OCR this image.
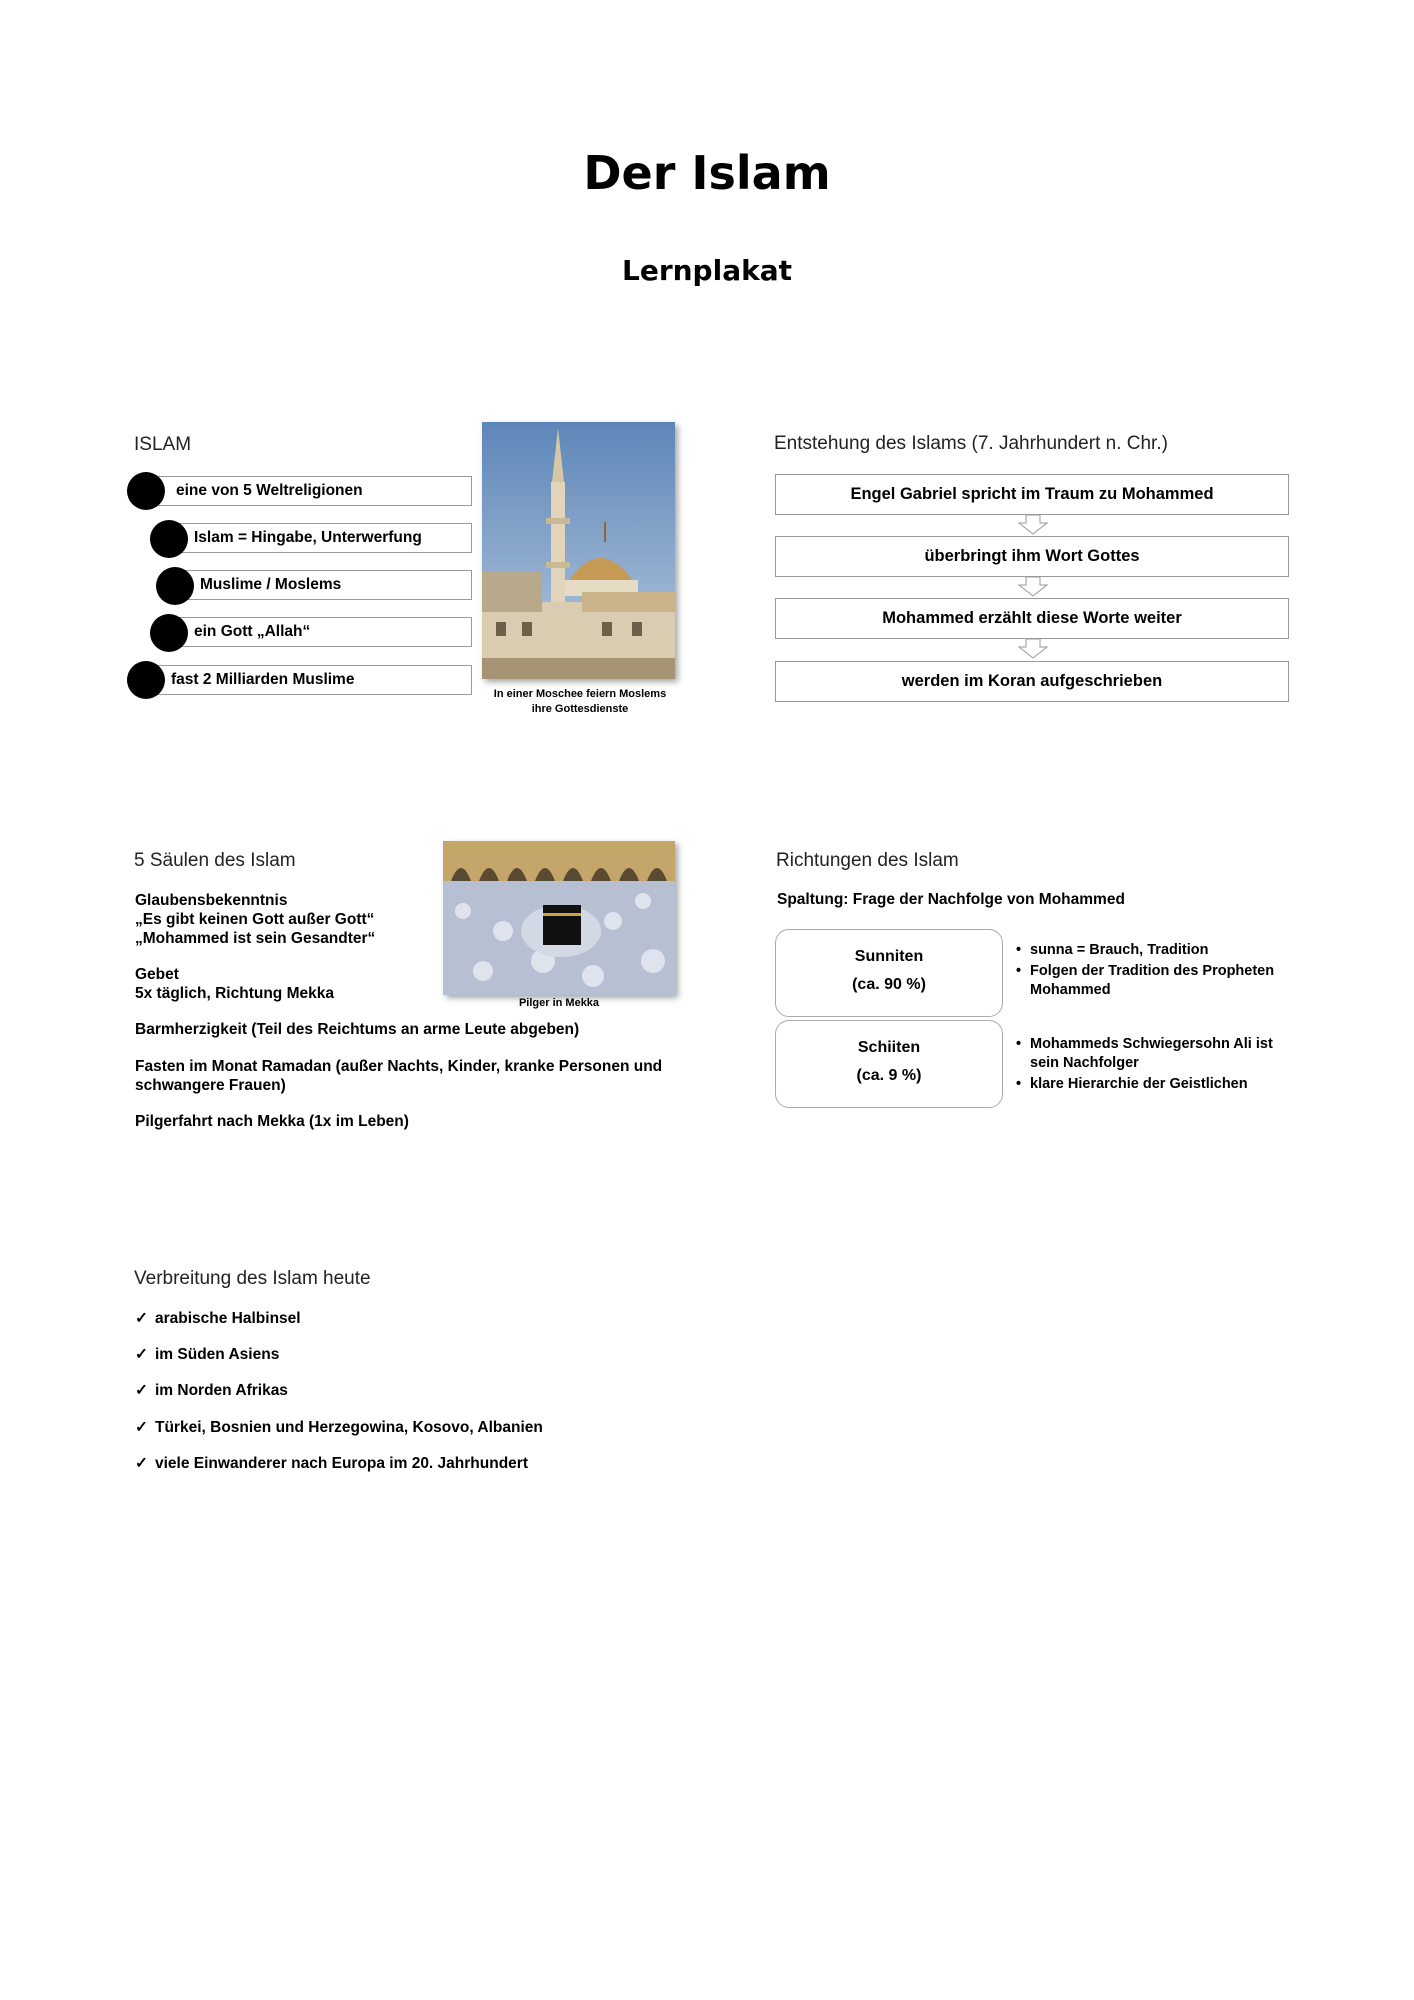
Der Islam
Lernplakat
ISLAM
eine von 5 Weltreligionen
Islam = Hingabe, Unterwerfung
Muslime / Moslems
ein Gott „Allah“
fast 2 Milliarden Muslime
In einer Moschee feiern Moslems
ihre Gottesdienste
Entstehung des Islams (7. Jahrhundert n. Chr.)
Engel Gabriel spricht im Traum zu Mohammed
überbringt ihm Wort Gottes
Mohammed erzählt diese Worte weiter
werden im Koran aufgeschrieben
5 Säulen des Islam
Glaubensbekenntnis
„Es gibt keinen Gott außer Gott“
„Mohammed ist sein Gesandter“
Gebet
5x täglich, Richtung Mekka
Barmherzigkeit (Teil des Reichtums an arme Leute abgeben)
Fasten im Monat Ramadan (außer Nachts, Kinder, kranke Personen und
schwangere Frauen)
Pilgerfahrt nach Mekka (1x im Leben)
Pilger in Mekka
Richtungen des Islam
Spaltung: Frage der Nachfolge von Mohammed
Sunniten
(ca. 90 %)
• sunna = Brauch, Tradition
• Folgen der Tradition des Propheten
Mohammed
Schiiten
(ca. 9 %)
• Mohammeds Schwiegersohn Ali ist
sein Nachfolger
• klare Hierarchie der Geistlichen
Verbreitung des Islam heute
✓ arabische Halbinsel
✓ im Süden Asiens
✓ im Norden Afrikas
✓ Türkei, Bosnien und Herzegowina, Kosovo, Albanien
✓ viele Einwanderer nach Europa im 20. Jahrhundert
